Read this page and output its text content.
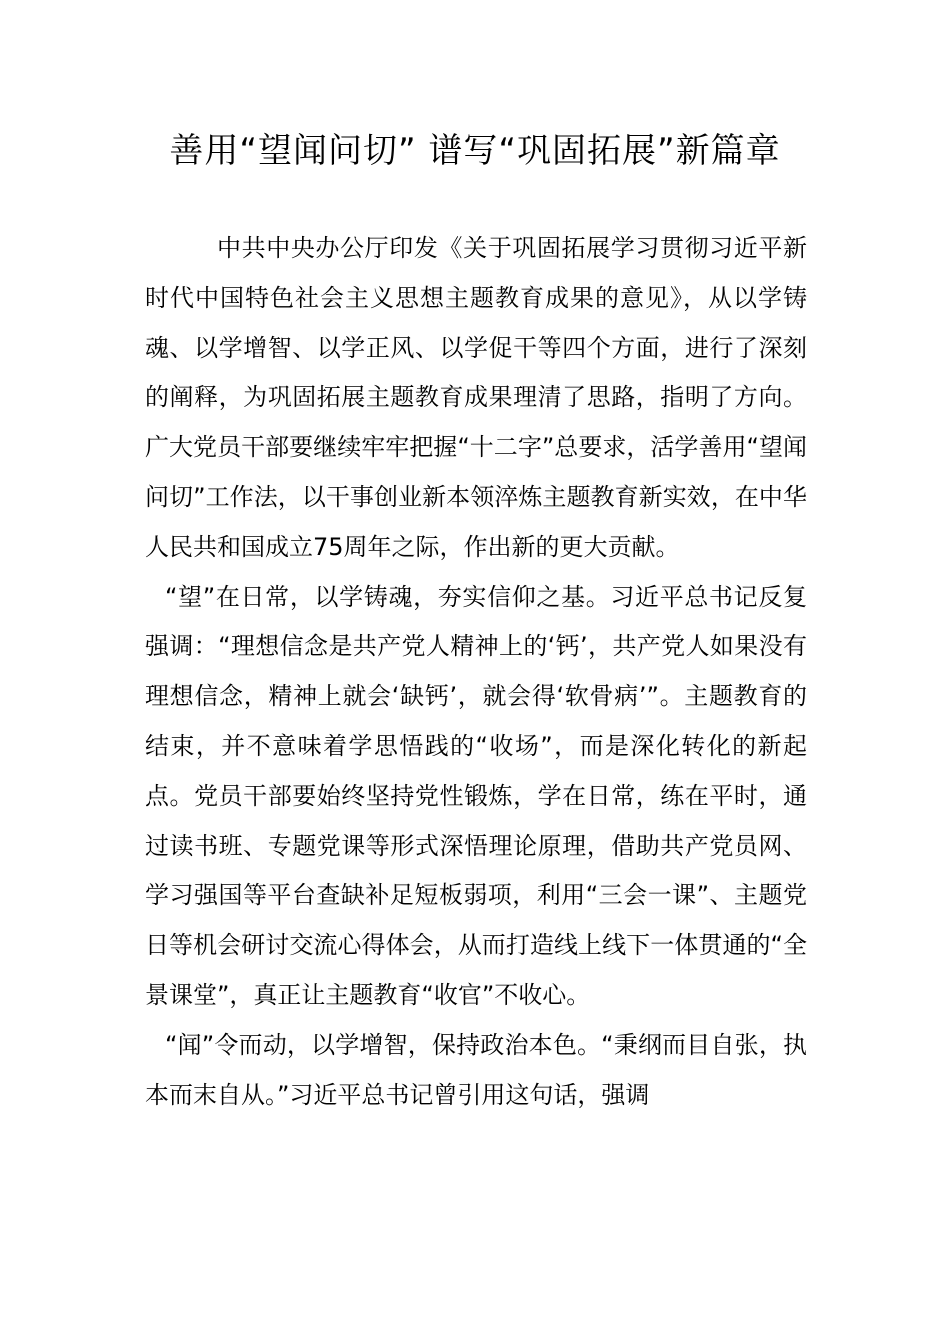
善用“望闻问切” 谱写“巩固拓展”新篇章

中共中央办公厅印发《关于巩固拓展学习贯彻习近平新时代中国特色社会主义思想主题教育成果的意见》，从以学铸魂、以学增智、以学正风、以学促干等四个方面，进行了深刻的阐释，为巩固拓展主题教育成果理清了思路，指明了方向。广大党员干部要继续牢牢把握“十二字”总要求，活学善用“望闻问切”工作法，以干事创业新本领淬炼主题教育新实效，在中华人民共和国成立75周年之际，作出新的更大贡献。

“望”在日常，以学铸魂，夯实信仰之基。习近平总书记反复强调：“理想信念是共产党人精神上的‘钙’，共产党人如果没有理想信念，精神上就会‘缺钙’，就会得‘软骨病’”。主题教育的结束，并不意味着学思悟践的“收场”，而是深化转化的新起点。党员干部要始终坚持党性锻炼，学在日常，练在平时，通过读书班、专题党课等形式深悟理论原理，借助共产党员网、学习强国等平台查缺补足短板弱项，利用“三会一课”、主题党日等机会研讨交流心得体会，从而打造线上线下一体贯通的“全景课堂”，真正让主题教育“收官”不收心。

“闻”令而动，以学增智，保持政治本色。“秉纲而目自张，执本而末自从。”习近平总书记曾引用这句话，强调
